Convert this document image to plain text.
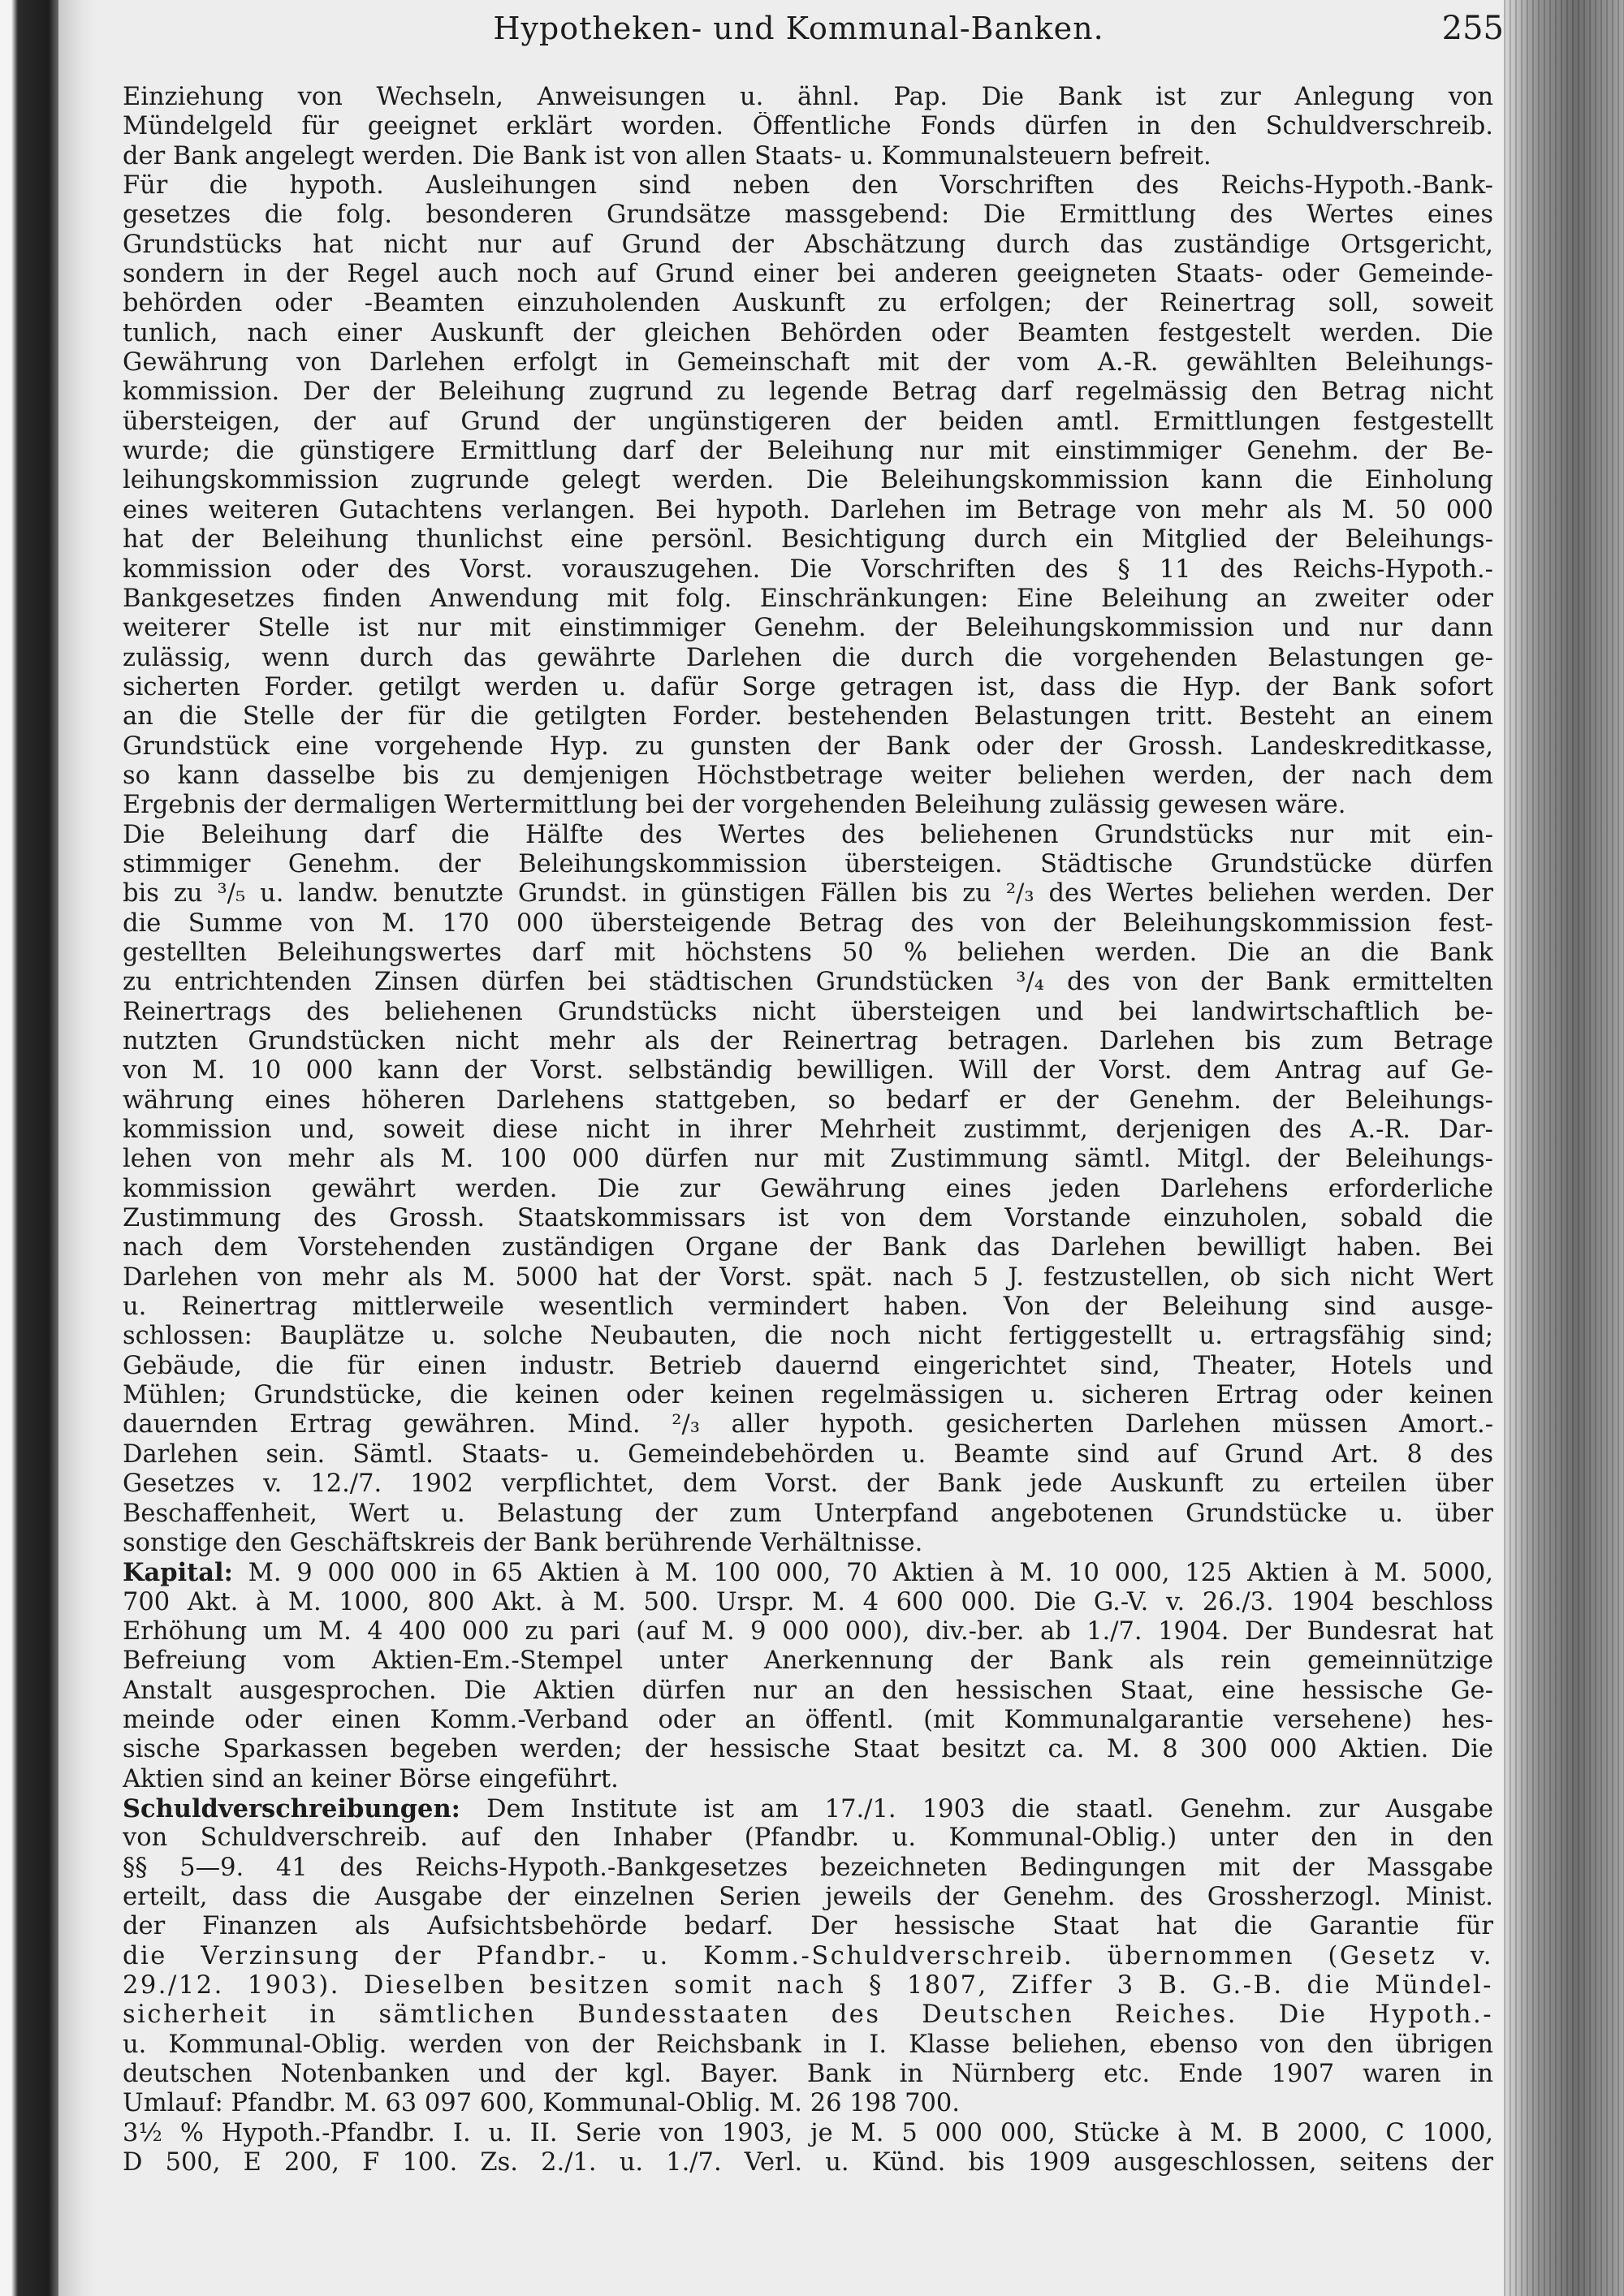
Hypotheken- und Kommunal-Banken.	255
Einziehung von Wechseln, Anweisungen u. ähnl. Pap. Die Bank ist zur Anlegung von
Mündelgeld für geeignet erklärt worden. Öffentliche Fonds dürfen in den Schuldverschreib.
der Bank angelegt werden. Die Bank ist von allen Staats- u. Kommunalsteuern befreit.
Für die hypoth. Ausleihungen sind neben den Vorschriften des Reichs-Hypoth.-Bank-
gesetzes die folg. besonderen Grundsätze massgebend: Die Ermittlung des Wertes eines
Grundstücks hat nicht nur auf Grund der Abschätzung durch das zuständige Ortsgericht,
sondern in der Regel auch noch auf Grund einer bei anderen geeigneten Staats- oder Gemeinde-
behörden oder -Beamten einzuholenden Auskunft zu erfolgen; der Reinertrag soll, soweit
tunlich, nach einer Auskunft der gleichen Behörden oder Beamten festgestelt werden. Die
Gewährung von Darlehen erfolgt in Gemeinschaft mit der vom A.-R. gewählten Beleihungs-
kommission. Der der Beleihung zugrund zu legende Betrag darf regelmässig den Betrag nicht
übersteigen, der auf Grund der ungünstigeren der beiden amtl. Ermittlungen festgestellt
wurde; die günstigere Ermittlung darf der Beleihung nur mit einstimmiger Genehm. der Be-
leihungskommission zugrunde gelegt werden. Die Beleihungskommission kann die Einholung
eines weiteren Gutachtens verlangen. Bei hypoth. Darlehen im Betrage von mehr als M. 50 000
hat der Beleihung thunlichst eine persönl. Besichtigung durch ein Mitglied der Beleihungs-
kommission oder des Vorst. vorauszugehen. Die Vorschriften des § 11 des Reichs-Hypoth.-
Bankgesetzes finden Anwendung mit folg. Einschränkungen: Eine Beleihung an zweiter oder
weiterer Stelle ist nur mit einstimmiger Genehm. der Beleihungskommission und nur dann
zulässig, wenn durch das gewährte Darlehen die durch die vorgehenden Belastungen ge-
sicherten Forder. getilgt werden u. dafür Sorge getragen ist, dass die Hyp. der Bank sofort
an die Stelle der für die getilgten Forder. bestehenden Belastungen tritt. Besteht an einem
Grundstück eine vorgehende Hyp. zu gunsten der Bank oder der Grossh. Landeskreditkasse,
so kann dasselbe bis zu demjenigen Höchstbetrage weiter beliehen werden, der nach dem
Ergebnis der dermaligen Wertermittlung bei der vorgehenden Beleihung zulässig gewesen wäre.
Die Beleihung darf die Hälfte des Wertes des beliehenen Grundstücks nur mit ein-
stimmiger Genehm. der Beleihungskommission übersteigen. Städtische Grundstücke dürfen
bis zu ³/₅ u. landw. benutzte Grundst. in günstigen Fällen bis zu ²/₃ des Wertes beliehen werden. Der
die Summe von M. 170 000 übersteigende Betrag des von der Beleihungskommission fest-
gestellten Beleihungswertes darf mit höchstens 50 % beliehen werden. Die an die Bank
zu entrichtenden Zinsen dürfen bei städtischen Grundstücken ³/₄ des von der Bank ermittelten
Reinertrags des beliehenen Grundstücks nicht übersteigen und bei landwirtschaftlich be-
nutzten Grundstücken nicht mehr als der Reinertrag betragen. Darlehen bis zum Betrage
von M. 10 000 kann der Vorst. selbständig bewilligen. Will der Vorst. dem Antrag auf Ge-
währung eines höheren Darlehens stattgeben, so bedarf er der Genehm. der Beleihungs-
kommission und, soweit diese nicht in ihrer Mehrheit zustimmt, derjenigen des A.-R. Dar-
lehen von mehr als M. 100 000 dürfen nur mit Zustimmung sämtl. Mitgl. der Beleihungs-
kommission gewährt werden. Die zur Gewährung eines jeden Darlehens erforderliche
Zustimmung des Grossh. Staatskommissars ist von dem Vorstande einzuholen, sobald die
nach dem Vorstehenden zuständigen Organe der Bank das Darlehen bewilligt haben. Bei
Darlehen von mehr als M. 5000 hat der Vorst. spät. nach 5 J. festzustellen, ob sich nicht Wert
u. Reinertrag mittlerweile wesentlich vermindert haben. Von der Beleihung sind ausge-
schlossen: Bauplätze u. solche Neubauten, die noch nicht fertiggestellt u. ertragsfähig sind;
Gebäude, die für einen industr. Betrieb dauernd eingerichtet sind, Theater, Hotels und
Mühlen; Grundstücke, die keinen oder keinen regelmässigen u. sicheren Ertrag oder keinen
dauernden Ertrag gewähren. Mind. ²/₃ aller hypoth. gesicherten Darlehen müssen Amort.-
Darlehen sein. Sämtl. Staats- u. Gemeindebehörden u. Beamte sind auf Grund Art. 8 des
Gesetzes v. 12./7. 1902 verpflichtet, dem Vorst. der Bank jede Auskunft zu erteilen über
Beschaffenheit, Wert u. Belastung der zum Unterpfand angebotenen Grundstücke u. über
sonstige den Geschäftskreis der Bank berührende Verhältnisse.
Kapital: M. 9 000 000 in 65 Aktien à M. 100 000, 70 Aktien à M. 10 000, 125 Aktien à M. 5000,
700 Akt. à M. 1000, 800 Akt. à M. 500. Urspr. M. 4 600 000. Die G.-V. v. 26./3. 1904 beschloss
Erhöhung um M. 4 400 000 zu pari (auf M. 9 000 000), div.-ber. ab 1./7. 1904. Der Bundesrat hat
Befreiung vom Aktien-Em.-Stempel unter Anerkennung der Bank als rein gemeinnützige
Anstalt ausgesprochen. Die Aktien dürfen nur an den hessischen Staat, eine hessische Ge-
meinde oder einen Komm.-Verband oder an öffentl. (mit Kommunalgarantie versehene) hes-
sische Sparkassen begeben werden; der hessische Staat besitzt ca. M. 8 300 000 Aktien. Die
Aktien sind an keiner Börse eingeführt.
Schuldverschreibungen: Dem Institute ist am 17./1. 1903 die staatl. Genehm. zur Ausgabe
von Schuldverschreib. auf den Inhaber (Pfandbr. u. Kommunal-Oblig.) unter den in den
§§ 5—9. 41 des Reichs-Hypoth.-Bankgesetzes bezeichneten Bedingungen mit der Massgabe
erteilt, dass die Ausgabe der einzelnen Serien jeweils der Genehm. des Grossherzogl. Minist.
der Finanzen als Aufsichtsbehörde bedarf. Der hessische Staat hat die Garantie für
die Verzinsung der Pfandbr.- u. Komm.-Schuldverschreib. übernommen (Gesetz v.
29./12. 1903). Dieselben besitzen somit nach § 1807, Ziffer 3 B. G.-B. die Mündel-
sicherheit in sämtlichen Bundesstaaten des Deutschen Reiches. Die Hypoth.-
u. Kommunal-Oblig. werden von der Reichsbank in I. Klasse beliehen, ebenso von den übrigen
deutschen Notenbanken und der kgl. Bayer. Bank in Nürnberg etc. Ende 1907 waren in
Umlauf: Pfandbr. M. 63 097 600, Kommunal-Oblig. M. 26 198 700.
3½ % Hypoth.-Pfandbr. I. u. II. Serie von 1903, je M. 5 000 000, Stücke à M. B 2000, C 1000,
D 500, E 200, F 100. Zs. 2./1. u. 1./7. Verl. u. Künd. bis 1909 ausgeschlossen, seitens der
